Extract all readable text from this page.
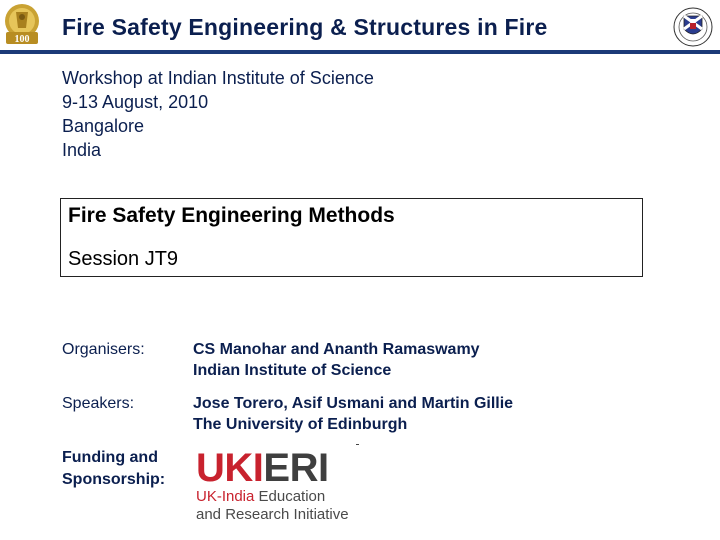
100 Fire Safety Engineering & Structures in Fire
Workshop at Indian Institute of Science
9-13 August, 2010
Bangalore
India
Fire Safety Engineering Methods
Session JT9
Organisers:	CS Manohar and Ananth Ramaswamy
Indian Institute of Science
Speakers:	Jose Torero, Asif Usmani and Martin Gillie
The University of Edinburgh
Funding and
Sponsorship: UKIERI
UK-India Education
and Research Initiative
